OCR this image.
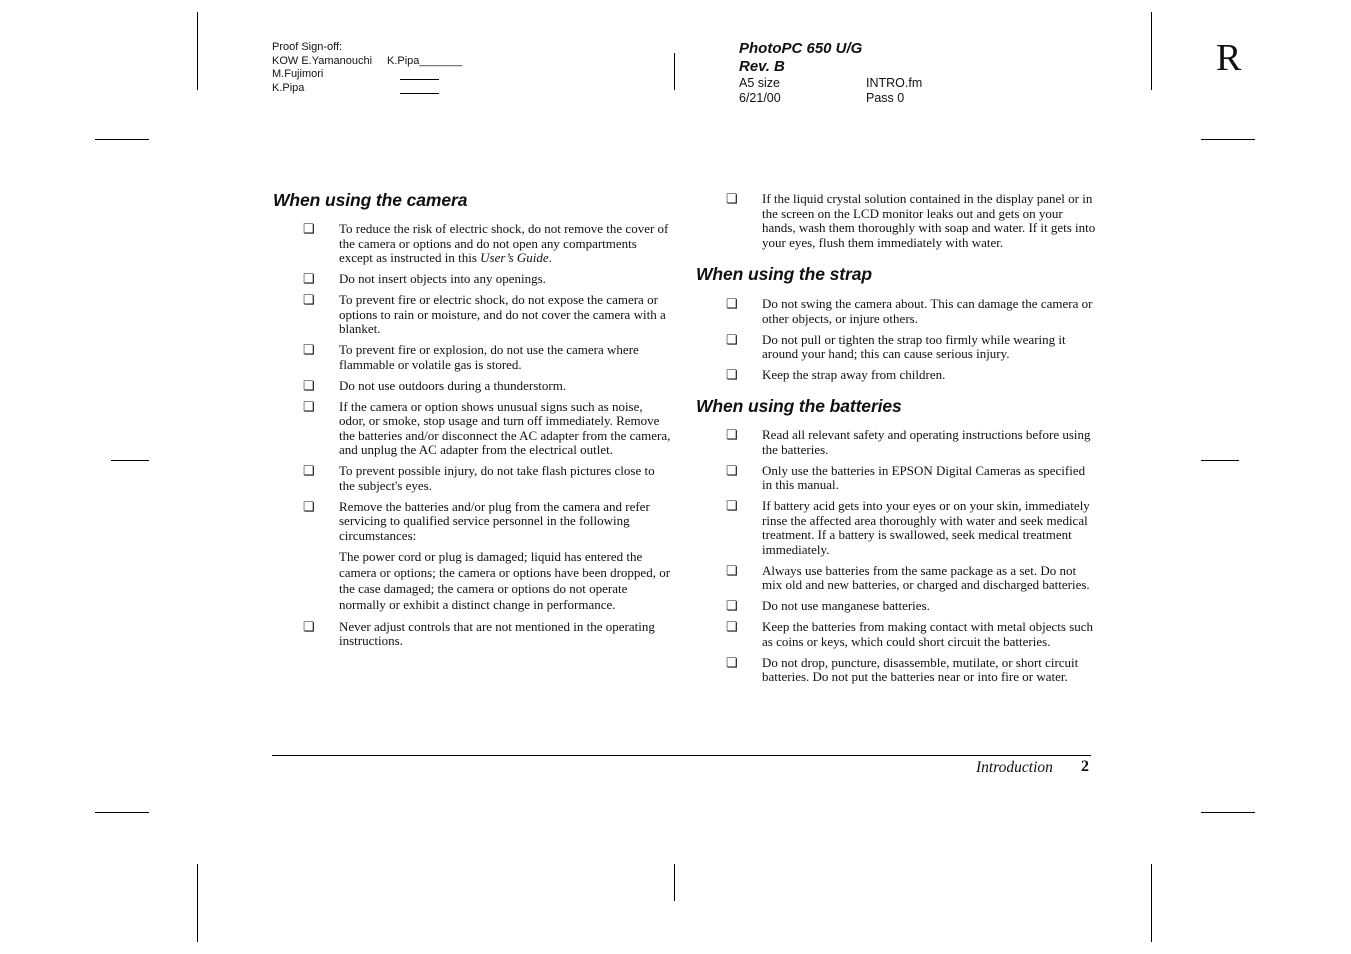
Proof Sign-off:
KOW E.Yamanouchi K.Pipa_______
M.Fujimori
K.Pipa
PhotoPC 650 U/G
Rev. B
A5 size	INTRO.fm
6/21/00	Pass 0
R
When using the camera
❏ To reduce the risk of electric shock, do not remove the cover of the camera or options and do not open any compartments except as instructed in this User’s Guide.
❏ Do not insert objects into any openings.
❏ To prevent fire or electric shock, do not expose the camera or options to rain or moisture, and do not cover the camera with a blanket.
❏ To prevent fire or explosion, do not use the camera where flammable or volatile gas is stored.
❏ Do not use outdoors during a thunderstorm.
❏ If the camera or option shows unusual signs such as noise, odor, or smoke, stop usage and turn off immediately. Remove the batteries and/or disconnect the AC adapter from the camera, and unplug the AC adapter from the electrical outlet.
❏ To prevent possible injury, do not take flash pictures close to the subject's eyes.
❏ Remove the batteries and/or plug from the camera and refer servicing to qualified service personnel in the following circumstances:
The power cord or plug is damaged; liquid has entered the camera or options; the camera or options have been dropped, or the case damaged; the camera or options do not operate normally or exhibit a distinct change in performance.
❏ Never adjust controls that are not mentioned in the operating instructions.
❏ If the liquid crystal solution contained in the display panel or in the screen on the LCD monitor leaks out and gets on your hands, wash them thoroughly with soap and water. If it gets into your eyes, flush them immediately with water.
When using the strap
❏ Do not swing the camera about. This can damage the camera or other objects, or injure others.
❏ Do not pull or tighten the strap too firmly while wearing it around your hand; this can cause serious injury.
❏ Keep the strap away from children.
When using the batteries
❏ Read all relevant safety and operating instructions before using the batteries.
❏ Only use the batteries in EPSON Digital Cameras as specified in this manual.
❏ If battery acid gets into your eyes or on your skin, immediately rinse the affected area thoroughly with water and seek medical treatment. If a battery is swallowed, seek medical treatment immediately.
❏ Always use batteries from the same package as a set. Do not mix old and new batteries, or charged and discharged batteries.
❏ Do not use manganese batteries.
❏ Keep the batteries from making contact with metal objects such as coins or keys, which could short circuit the batteries.
❏ Do not drop, puncture, disassemble, mutilate, or short circuit batteries. Do not put the batteries near or into fire or water.
Introduction 2
